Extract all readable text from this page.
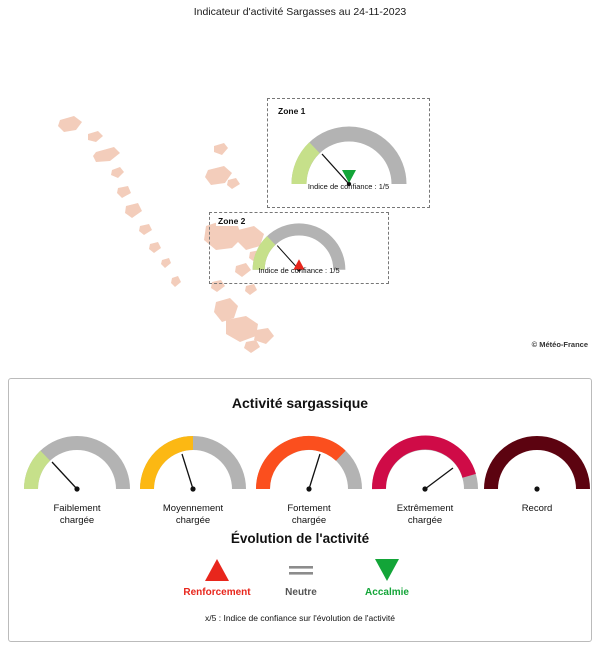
Indicateur d'activité Sargasses au 24-11-2023
Zone 1
Indice de confiance : 1/5
Zone 2
Indice de confiance : 1/5
© Météo-France
Activité sargassique
Faiblement
chargée
Moyennement
chargée
Fortement
chargée
Extrêmement
chargée
Record
Évolution de l'activité
Renforcement	Neutre	Accalmie
x/5 : Indice de confiance sur l'évolution de l'activité
